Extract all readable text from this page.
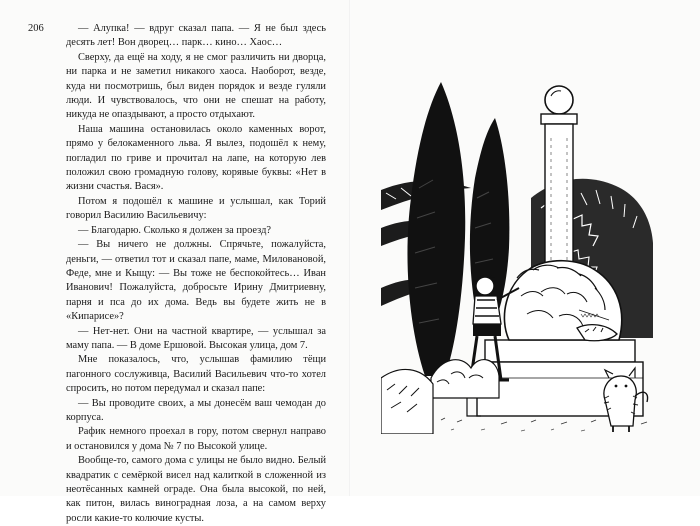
206	— Алупка! — вдруг сказал папа. — Я не был здесь десять лет! Вон дворец… парк… кино… Хаос…

Сверху, да ещё на ходу, я не смог различить ни дворца, ни парка и не заметил никакого хаоса. Наоборот, везде, куда ни посмотришь, был виден порядок и везде гуляли люди. И чувствовалось, что они не спешат на работу, никуда не опаздывают, а просто отдыхают.

Наша машина остановилась около каменных ворот, прямо у белокаменного льва. Я вылез, подошёл к нему, погладил по гриве и прочитал на лапе, на которую лев положил свою громадную голову, корявые буквы: «Нет в жизни счастья. Вася».

Потом я подошёл к машине и услышал, как Торий говорил Василию Васильевичу:

— Благодарю. Сколько я должен за проезд?

— Вы ничего не должны. Спрячьте, пожалуйста, деньги, — ответил тот и сказал папе, маме, Миловановой, Феде, мне и Кыщу: — Вы тоже не беспокойтесь… Иван Иванович! Пожалуйста, добросьте Ирину Дмитриевну, парня и пса до их дома. Ведь вы будете жить не в «Кипарисе»?

— Нет-нет. Они на частной квартире, — услышал за маму папа. — В доме Ершовой. Высокая улица, дом 7.

Мне показалось, что, услышав фамилию тёщи пагонного сослуживца, Василий Васильевич что-то хотел спросить, но потом передумал и сказал папе:

— Вы проводите своих, а мы донесём ваш чемодан до корпуса.

Рафик немного проехал в гору, потом свернул направо и остановился у дома № 7 по Высокой улице.

Вообще-то, самого дома с улицы не было видно. Белый квадратик с семёркой висел над калиткой в сложенной из неотёсанных камней ограде. Она была высокой, по ней, как питон, вилась виноградная лоза, а на самом верху росли какие-то колючие кусты.
